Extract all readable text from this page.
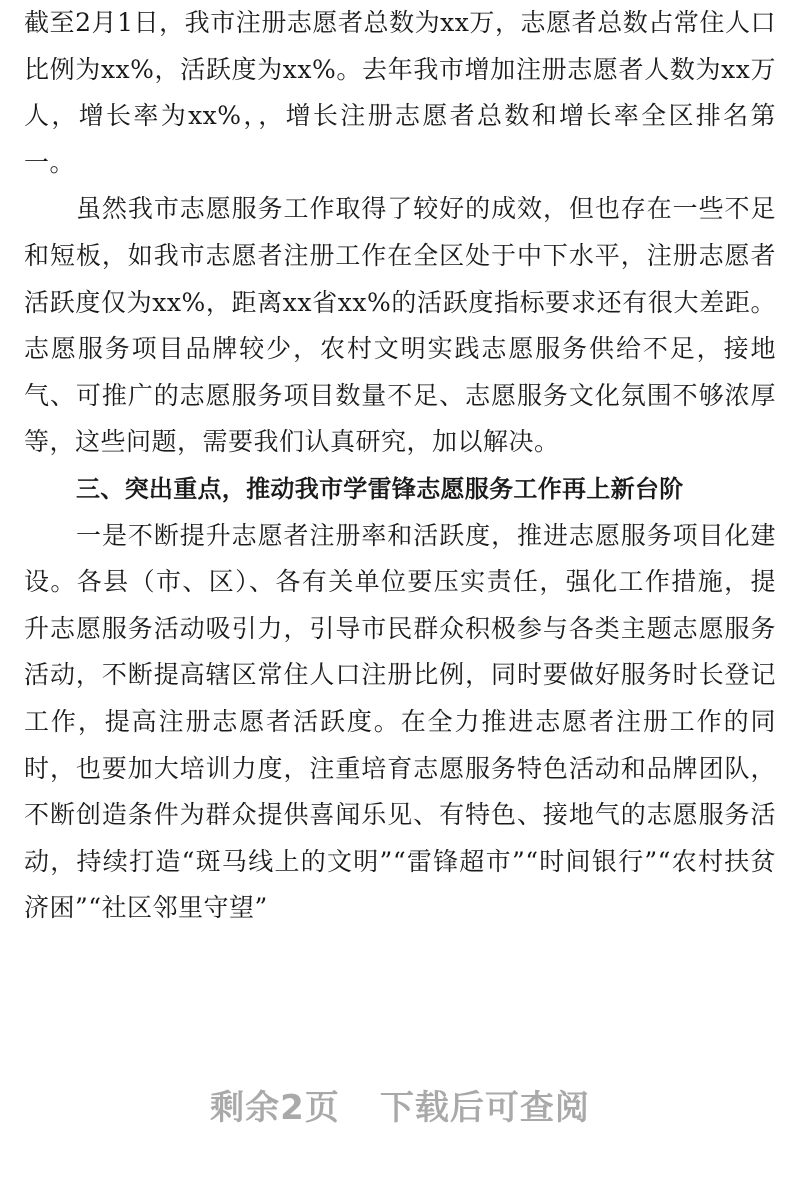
截至2月1日，我市注册志愿者总数为xx万，志愿者总数占常住人口比例为xx%，活跃度为xx%。去年我市增加注册志愿者人数为xx万人，增长率为xx%，，增长注册志愿者总数和增长率全区排名第一。

虽然我市志愿服务工作取得了较好的成效，但也存在一些不足和短板，如我市志愿者注册工作在全区处于中下水平，注册志愿者活跃度仅为xx%，距离xx省xx%的活跃度指标要求还有很大差距。志愿服务项目品牌较少，农村文明实践志愿服务供给不足，接地气、可推广的志愿服务项目数量不足、志愿服务文化氛围不够浓厚等，这些问题，需要我们认真研究，加以解决。

三、突出重点，推动我市学雷锋志愿服务工作再上新台阶

一是不断提升志愿者注册率和活跃度，推进志愿服务项目化建设。各县（市、区）、各有关单位要压实责任，强化工作措施，提升志愿服务活动吸引力，引导市民群众积极参与各类主题志愿服务活动，不断提高辖区常住人口注册比例，同时要做好服务时长登记工作，提高注册志愿者活跃度。在全力推进志愿者注册工作的同时，也要加大培训力度，注重培育志愿服务特色活动和品牌团队，不断创造条件为群众提供喜闻乐见、有特色、接地气的志愿服务活动，持续打造“斑马线上的文明”“雷锋超市”“时间银行”“农村扶贫济困”“社区邻里守望”

剩余2页 下载后可查阅
